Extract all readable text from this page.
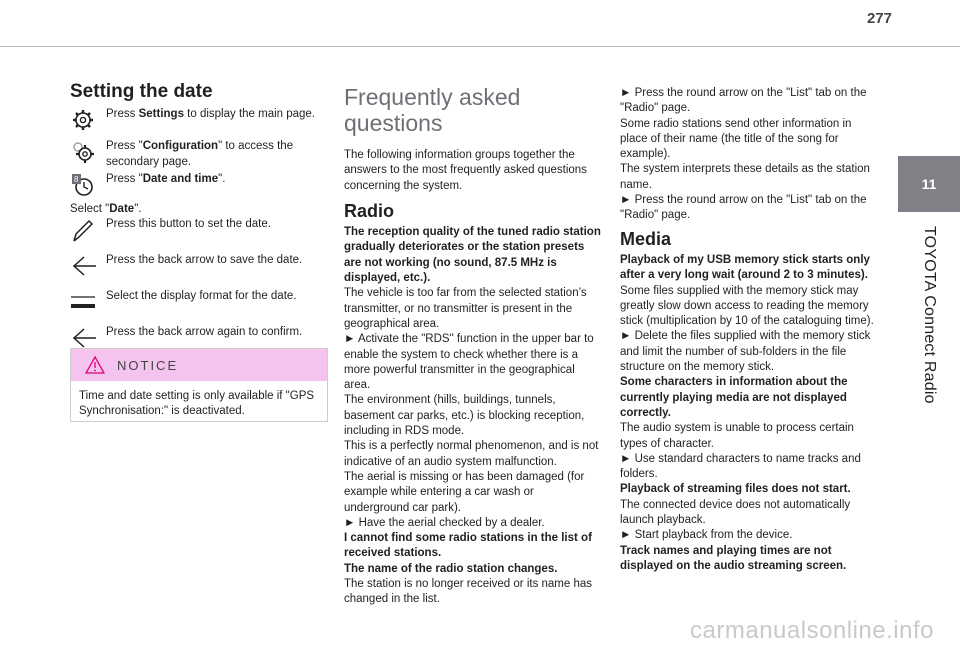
277
11
TOYOTA Connect Radio
Setting the date

Press Settings to display the main page.

Press "Configuration" to access the secondary page.

8 Press "Date and time".

Select "Date".

Press this button to set the date.

Press the back arrow to save the date.

Select the display format for the date.

Press the back arrow again to confirm.

NOTICE
Time and date setting is only available if "GPS Synchronisation:" is deactivated.
Frequently asked questions

The following information groups together the answers to the most frequently asked questions concerning the system.

Radio

The reception quality of the tuned radio station gradually deteriorates or the station presets are not working (no sound, 87.5 MHz is displayed, etc.).

The vehicle is too far from the selected station’s transmitter, or no transmitter is present in the geographical area.
► Activate the "RDS" function in the upper bar to enable the system to check whether there is a more powerful transmitter in the geographical area.
The environment (hills, buildings, tunnels, basement car parks, etc.) is blocking reception, including in RDS mode.
This is a perfectly normal phenomenon, and is not indicative of an audio system malfunction.
The aerial is missing or has been damaged (for example while entering a car wash or underground car park).
► Have the aerial checked by a dealer.

I cannot find some radio stations in the list of received stations.

The name of the radio station changes.

The station is no longer received or its name has changed in the list.

► Press the round arrow on the "List" tab on the "Radio" page.
Some radio stations send other information in place of their name (the title of the song for example).
The system interprets these details as the station name.
► Press the round arrow on the "List" tab on the "Radio" page.

Media

Playback of my USB memory stick starts only after a very long wait (around 2 to 3 minutes).

Some files supplied with the memory stick may greatly slow down access to reading the memory stick (multiplication by 10 of the cataloguing time).
► Delete the files supplied with the memory stick and limit the number of sub-folders in the file structure on the memory stick.

Some characters in information about the currently playing media are not displayed correctly.

The audio system is unable to process certain types of character.
► Use standard characters to name tracks and folders.

Playback of streaming files does not start.

The connected device does not automatically launch playback.
► Start playback from the device.

Track names and playing times are not displayed on the audio streaming screen.

carmanualsonline.info
